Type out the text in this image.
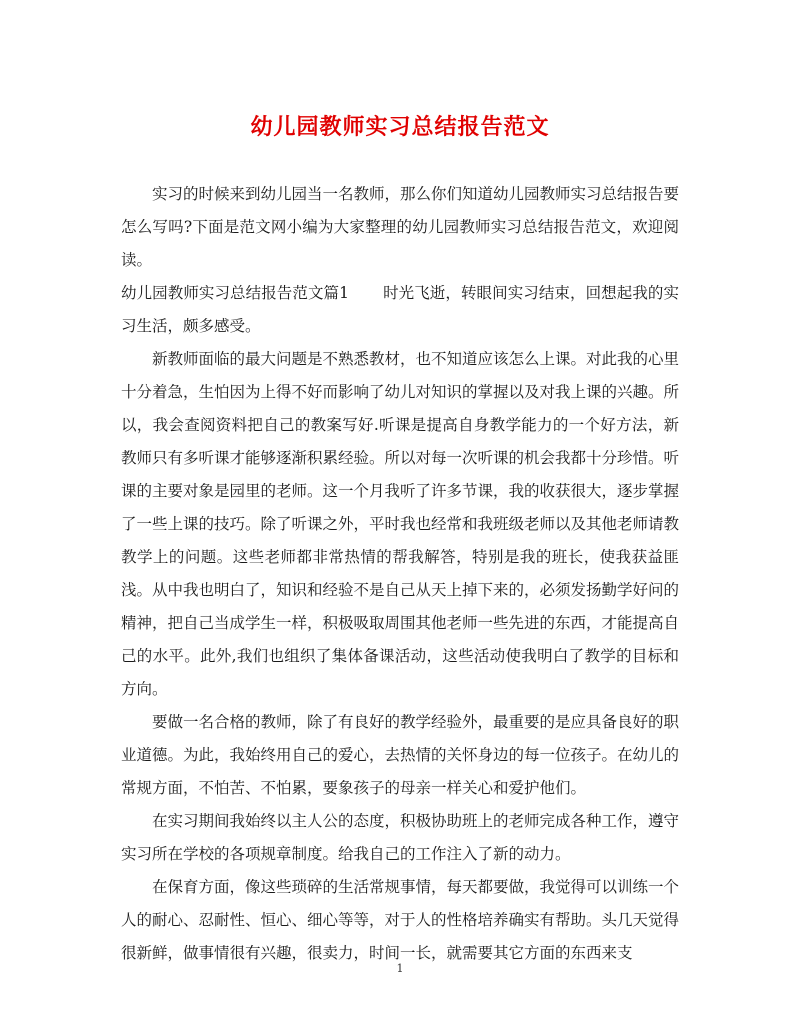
幼儿园教师实习总结报告范文

实习的时候来到幼儿园当一名教师，那么你们知道幼儿园教师实习总结报告要怎么写吗?下面是范文网小编为大家整理的幼儿园教师实习总结报告范文，欢迎阅读。

幼儿园教师实习总结报告范文篇1 时光飞逝，转眼间实习结束，回想起我的实习生活，颇多感受。

新教师面临的最大问题是不熟悉教材，也不知道应该怎么上课。对此我的心里十分着急，生怕因为上得不好而影响了幼儿对知识的掌握以及对我上课的兴趣。所以，我会查阅资料把自己的教案写好.听课是提高自身教学能力的一个好方法，新教师只有多听课才能够逐渐积累经验。所以对每一次听课的机会我都十分珍惜。听课的主要对象是园里的老师。这一个月我听了许多节课，我的收获很大，逐步掌握了一些上课的技巧。除了听课之外，平时我也经常和我班级老师以及其他老师请教教学上的问题。这些老师都非常热情的帮我解答，特别是我的班长，使我获益匪浅。从中我也明白了，知识和经验不是自己从天上掉下来的，必须发扬勤学好问的精神，把自己当成学生一样，积极吸取周围其他老师一些先进的东西，才能提高自己的水平。此外,我们也组织了集体备课活动，这些活动使我明白了教学的目标和方向。

要做一名合格的教师，除了有良好的教学经验外，最重要的是应具备良好的职业道德。为此，我始终用自己的爱心，去热情的关怀身边的每一位孩子。在幼儿的常规方面，不怕苦、不怕累，要象孩子的母亲一样关心和爱护他们。

在实习期间我始终以主人公的态度，积极协助班上的老师完成各种工作，遵守实习所在学校的各项规章制度。给我自己的工作注入了新的动力。

在保育方面，像这些琐碎的生活常规事情，每天都要做，我觉得可以训练一个人的耐心、忍耐性、恒心、细心等等，对于人的性格培养确实有帮助。头几天觉得很新鲜，做事情很有兴趣，很卖力，时间一长，就需要其它方面的东西来支

1
